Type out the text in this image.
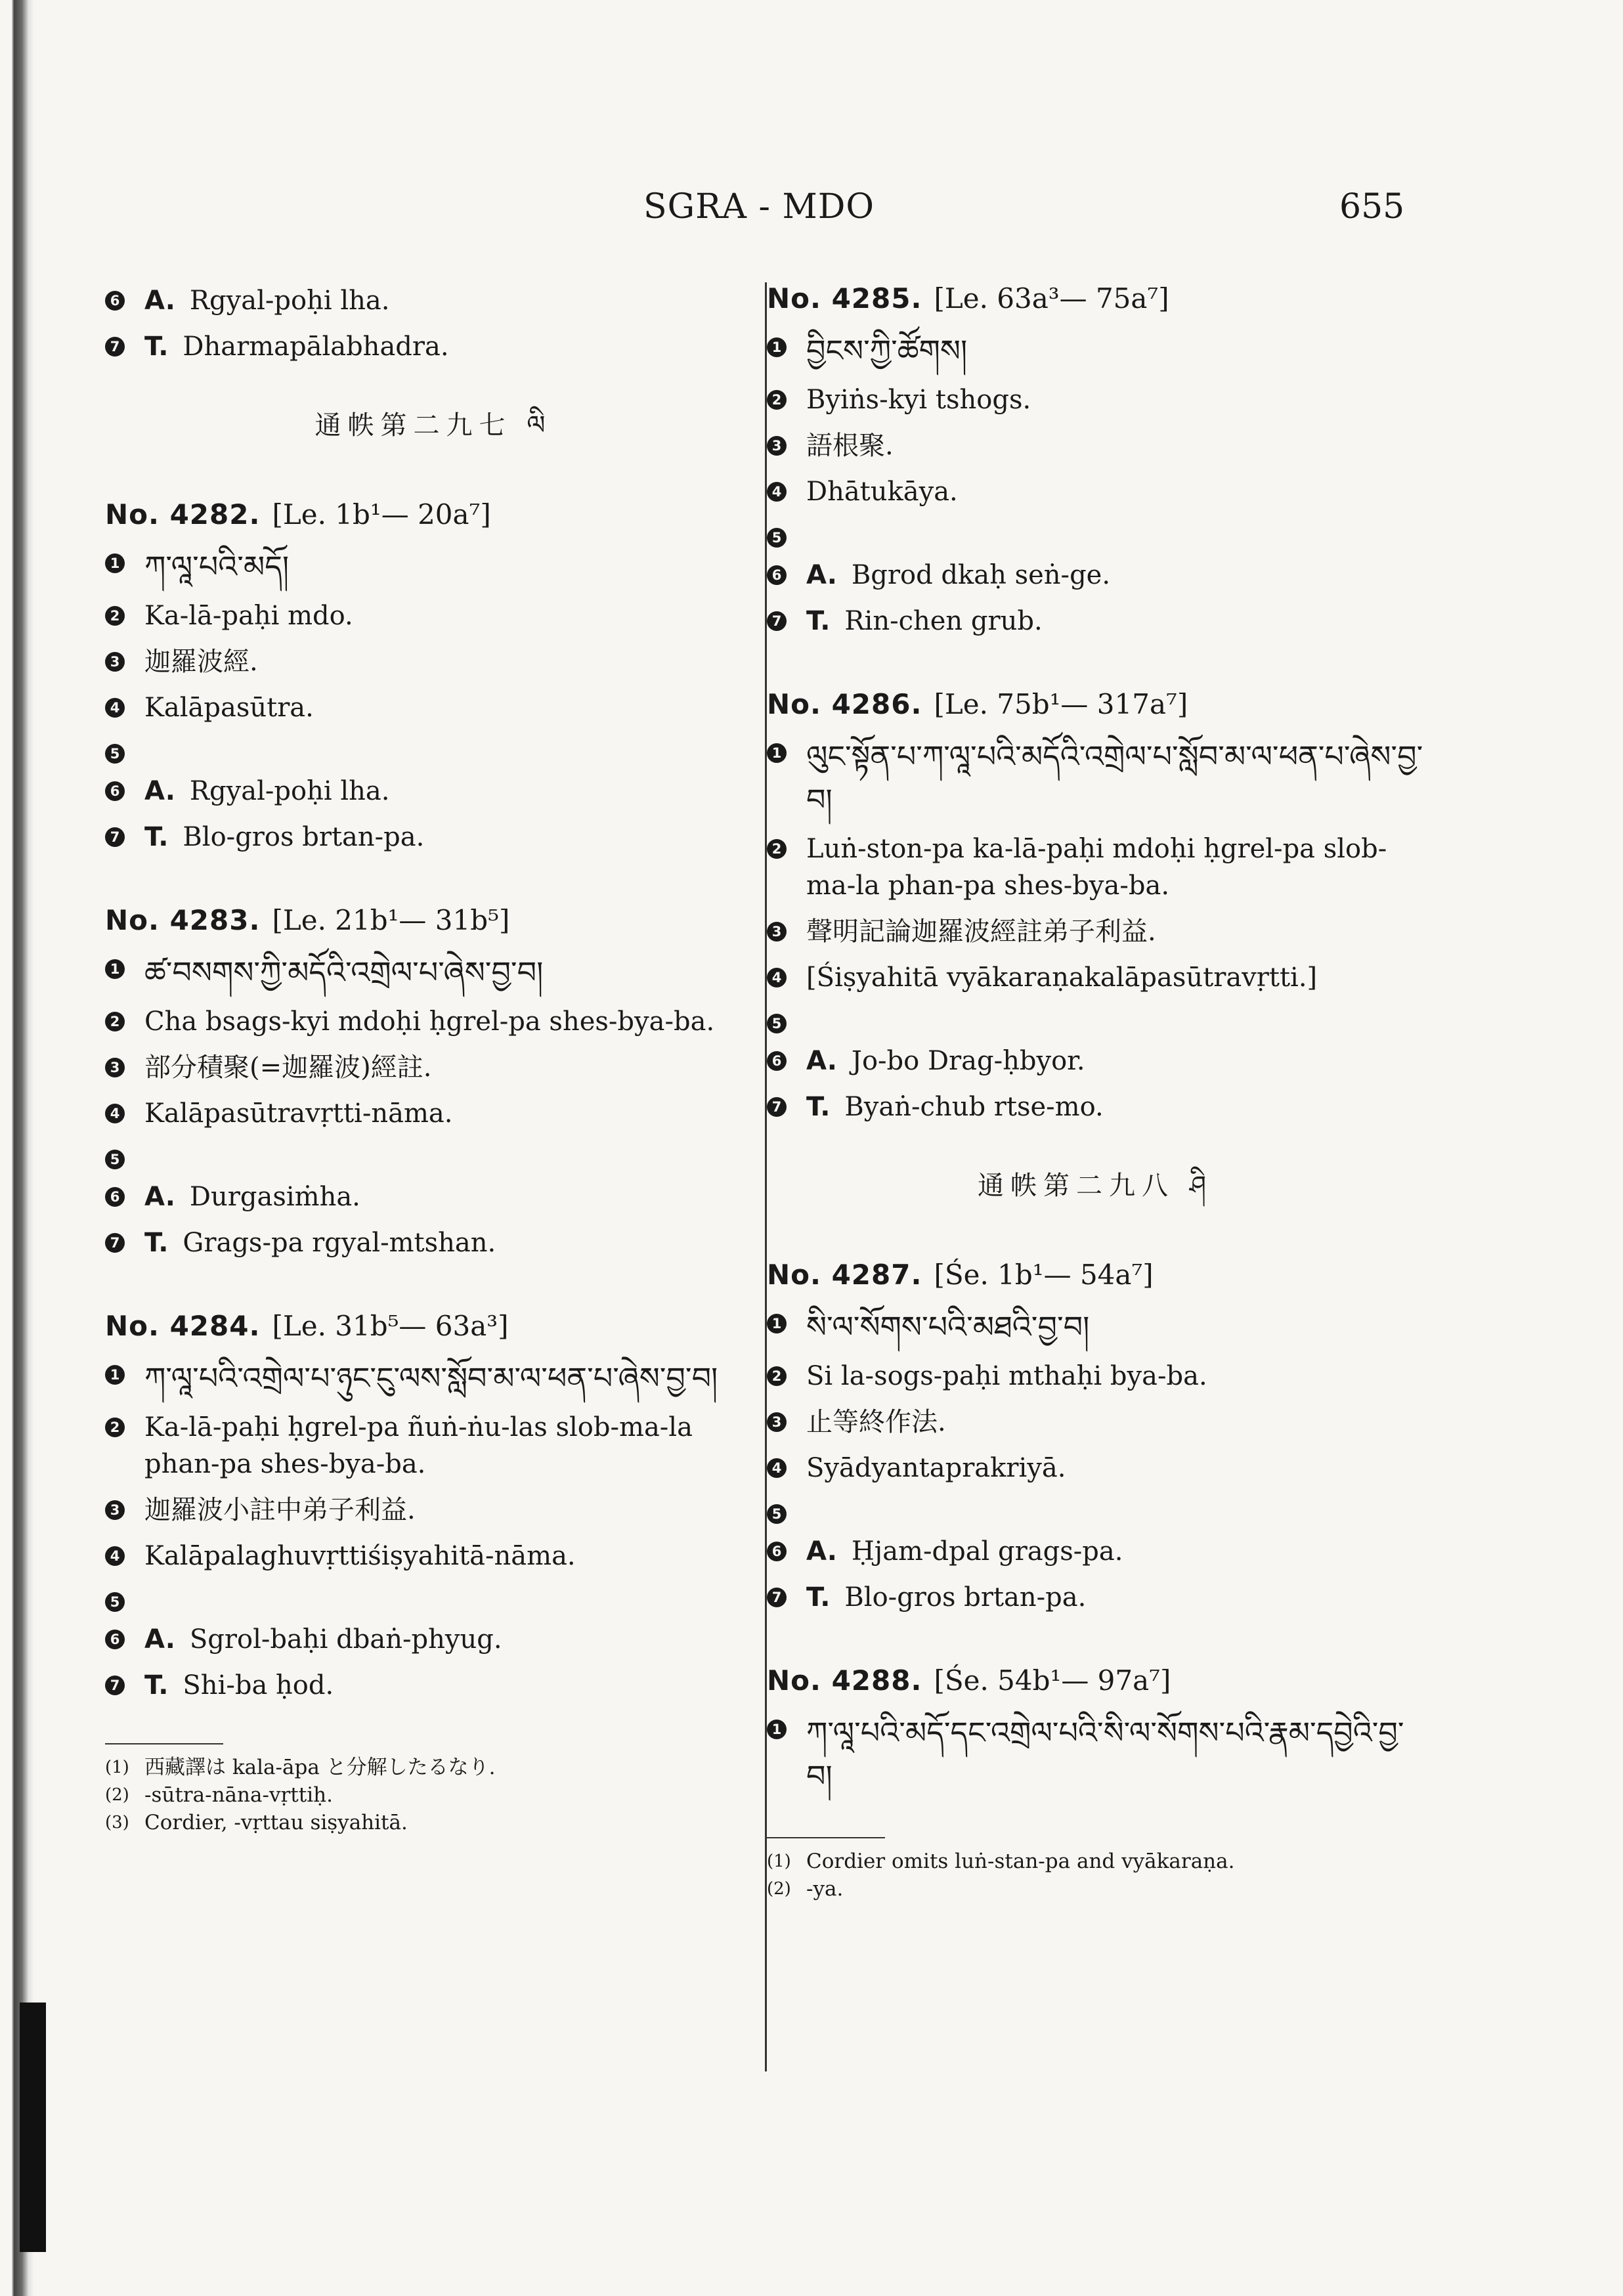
SGRA - MDO	655
6 A. Rgyal-poḥi lha.
7 T. Dharmapālabhadra.
通帙第二九七 ལི
No. 4282. [Le. 1b¹— 20a⁷]
1 ཀ་ལཱ་པའི་མདོ།
2 Ka-lā-paḥi mdo.
3 迦羅波經.
4 Kalāpasūtra.
5
6 A. Rgyal-poḥi lha.
7 T. Blo-gros brtan-pa.
No. 4283. [Le. 21b¹— 31b⁵]
1 ཚ་བསགས་ཀྱི་མདོའི་འགྲེལ་པ་ཞེས་བྱ་བ།
2 Cha bsags-kyi mdoḥi ḥgrel-pa shes-bya-ba.
3 部分積聚(=迦羅波)經註.
4 Kalāpasūtravṛtti-nāma.
5
6 A. Durgasiṁha.
7 T. Grags-pa rgyal-mtshan.
No. 4284. [Le. 31b⁵— 63a³]
1 ཀ་ལཱ་པའི་འགྲེལ་པ་ཉུང་ངུ་ལས་སློབ་མ་ལ་ཕན་པ་ཞེས་བྱ་བ།
2 Ka-lā-paḥi ḥgrel-pa ñuṅ-ṅu-las slob-ma-la phan-pa shes-bya-ba.
3 迦羅波小註中弟子利益.
4 Kalāpalaghuvṛttiśiṣyahitā-nāma.
5
6 A. Sgrol-baḥi dbaṅ-phyug.
7 T. Shi-ba ḥod.
(1) 西藏譯は kala-āpa と分解したるなり.
(2) -sūtra-nāna-vṛttiḥ.
(3) Cordier, -vṛttau siṣyahitā.
No. 4285. [Le. 63a³— 75a⁷]
1 བྱིངས་ཀྱི་ཚོགས།
2 Byiṅs-kyi tshogs.
3 語根聚.
4 Dhātukāya.
5
6 A. Bgrod dkaḥ seṅ-ge.
7 T. Rin-chen grub.
No. 4286. [Le. 75b¹— 317a⁷]
1 ལུང་སྟོན་པ་ཀ་ལཱ་པའི་མདོའི་འགྲེལ་པ་སློབ་མ་ལ་ཕན་པ་ཞེས་བྱ་བ།
2 Luṅ-ston-pa ka-lā-paḥi mdoḥi ḥgrel-pa slob-ma-la phan-pa shes-bya-ba.
3 聲明記論迦羅波經註弟子利益.
4 [Śiṣyahitā vyākaraṇakalāpasūtravṛtti.]
5
6 A. Jo-bo Drag-ḥbyor.
7 T. Byaṅ-chub rtse-mo.
通帙第二九八 ཤི
No. 4287. [Śe. 1b¹— 54a⁷]
1 སི་ལ་སོགས་པའི་མཐའི་བྱ་བ།
2 Si la-sogs-paḥi mthaḥi bya-ba.
3 止等終作法.
4 Syādyantaprakriyā.
5
6 A. Ḥjam-dpal grags-pa.
7 T. Blo-gros brtan-pa.
No. 4288. [Śe. 54b¹— 97a⁷]
1 ཀ་ལཱ་པའི་མདོ་དང་འགྲེལ་པའི་སི་ལ་སོགས་པའི་རྣམ་དབྱེའི་བྱ་བ།
(1) Cordier omits luṅ-stan-pa and vyākaraṇa.
(2) -ya.
